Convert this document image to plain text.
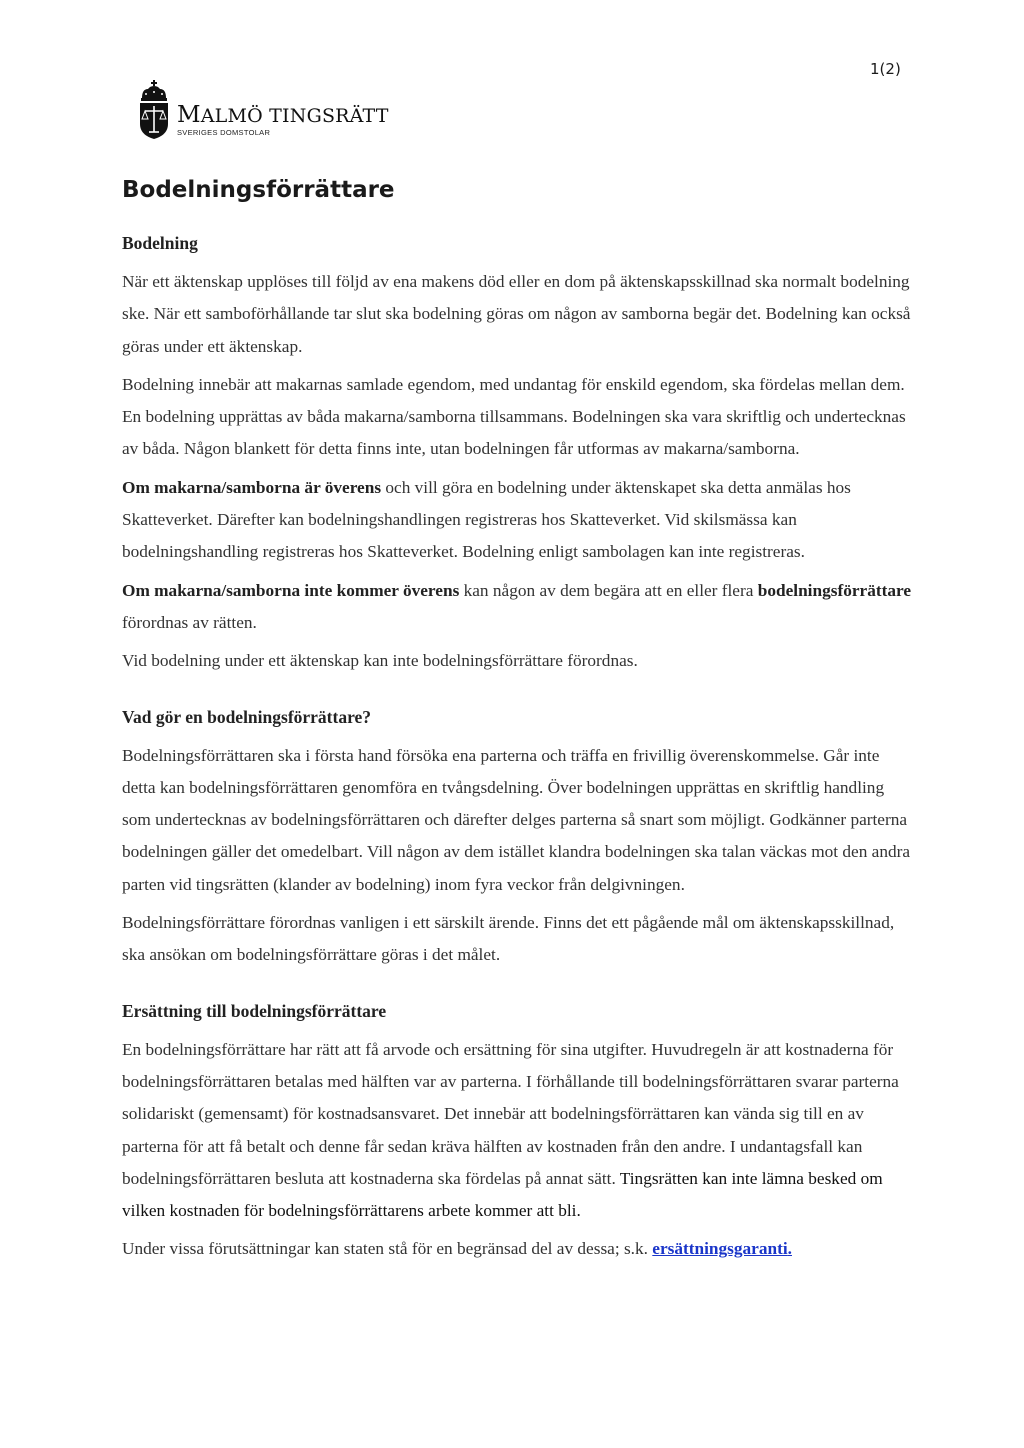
1(2)
MALMÖ TINGSRÄTT
SVERIGES DOMSTOLAR
Bodelningsförrättare
Bodelning

När ett äktenskap upplöses till följd av ena makens död eller en dom på äktenskapsskillnad ska normalt bodelning ske. När ett samboförhållande tar slut ska bodelning göras om någon av samborna begär det. Bodelning kan också göras under ett äktenskap.

Bodelning innebär att makarnas samlade egendom, med undantag för enskild egendom, ska fördelas mellan dem. En bodelning upprättas av båda makarna/samborna tillsammans. Bodelningen ska vara skriftlig och undertecknas av båda. Någon blankett för detta finns inte, utan bodelningen får utformas av makarna/samborna.

Om makarna/samborna är överens och vill göra en bodelning under äktenskapet ska detta anmälas hos Skatteverket. Därefter kan bodelningshandlingen registreras hos Skatteverket. Vid skilsmässa kan bodelningshandling registreras hos Skatteverket. Bodelning enligt sambolagen kan inte registreras.

Om makarna/samborna inte kommer överens kan någon av dem begära att en eller flera bodelningsförrättare förordnas av rätten.

Vid bodelning under ett äktenskap kan inte bodelningsförrättare förordnas.

Vad gör en bodelningsförrättare?

Bodelningsförrättaren ska i första hand försöka ena parterna och träffa en frivillig överenskommelse. Går inte detta kan bodelningsförrättaren genomföra en tvångsdelning. Över bodelningen upprättas en skriftlig handling som undertecknas av bodelningsförrättaren och därefter delges parterna så snart som möjligt. Godkänner parterna bodelningen gäller det omedelbart. Vill någon av dem istället klandra bodelningen ska talan väckas mot den andra parten vid tingsrätten (klander av bodelning) inom fyra veckor från delgivningen.

Bodelningsförrättare förordnas vanligen i ett särskilt ärende. Finns det ett pågående mål om äktenskapsskillnad, ska ansökan om bodelningsförrättare göras i det målet.

Ersättning till bodelningsförrättare

En bodelningsförrättare har rätt att få arvode och ersättning för sina utgifter. Huvudregeln är att kostnaderna för bodelningsförrättaren betalas med hälften var av parterna. I förhållande till bodelningsförrättaren svarar parterna solidariskt (gemensamt) för kostnadsansvaret. Det innebär att bodelningsförrättaren kan vända sig till en av parterna för att få betalt och denne får sedan kräva hälften av kostnaden från den andre. I undantagsfall kan bodelningsförrättaren besluta att kostnaderna ska fördelas på annat sätt. Tingsrätten kan inte lämna besked om vilken kostnaden för bodelningsförrättarens arbete kommer att bli.

Under vissa förutsättningar kan staten stå för en begränsad del av dessa; s.k. ersättningsgaranti.
